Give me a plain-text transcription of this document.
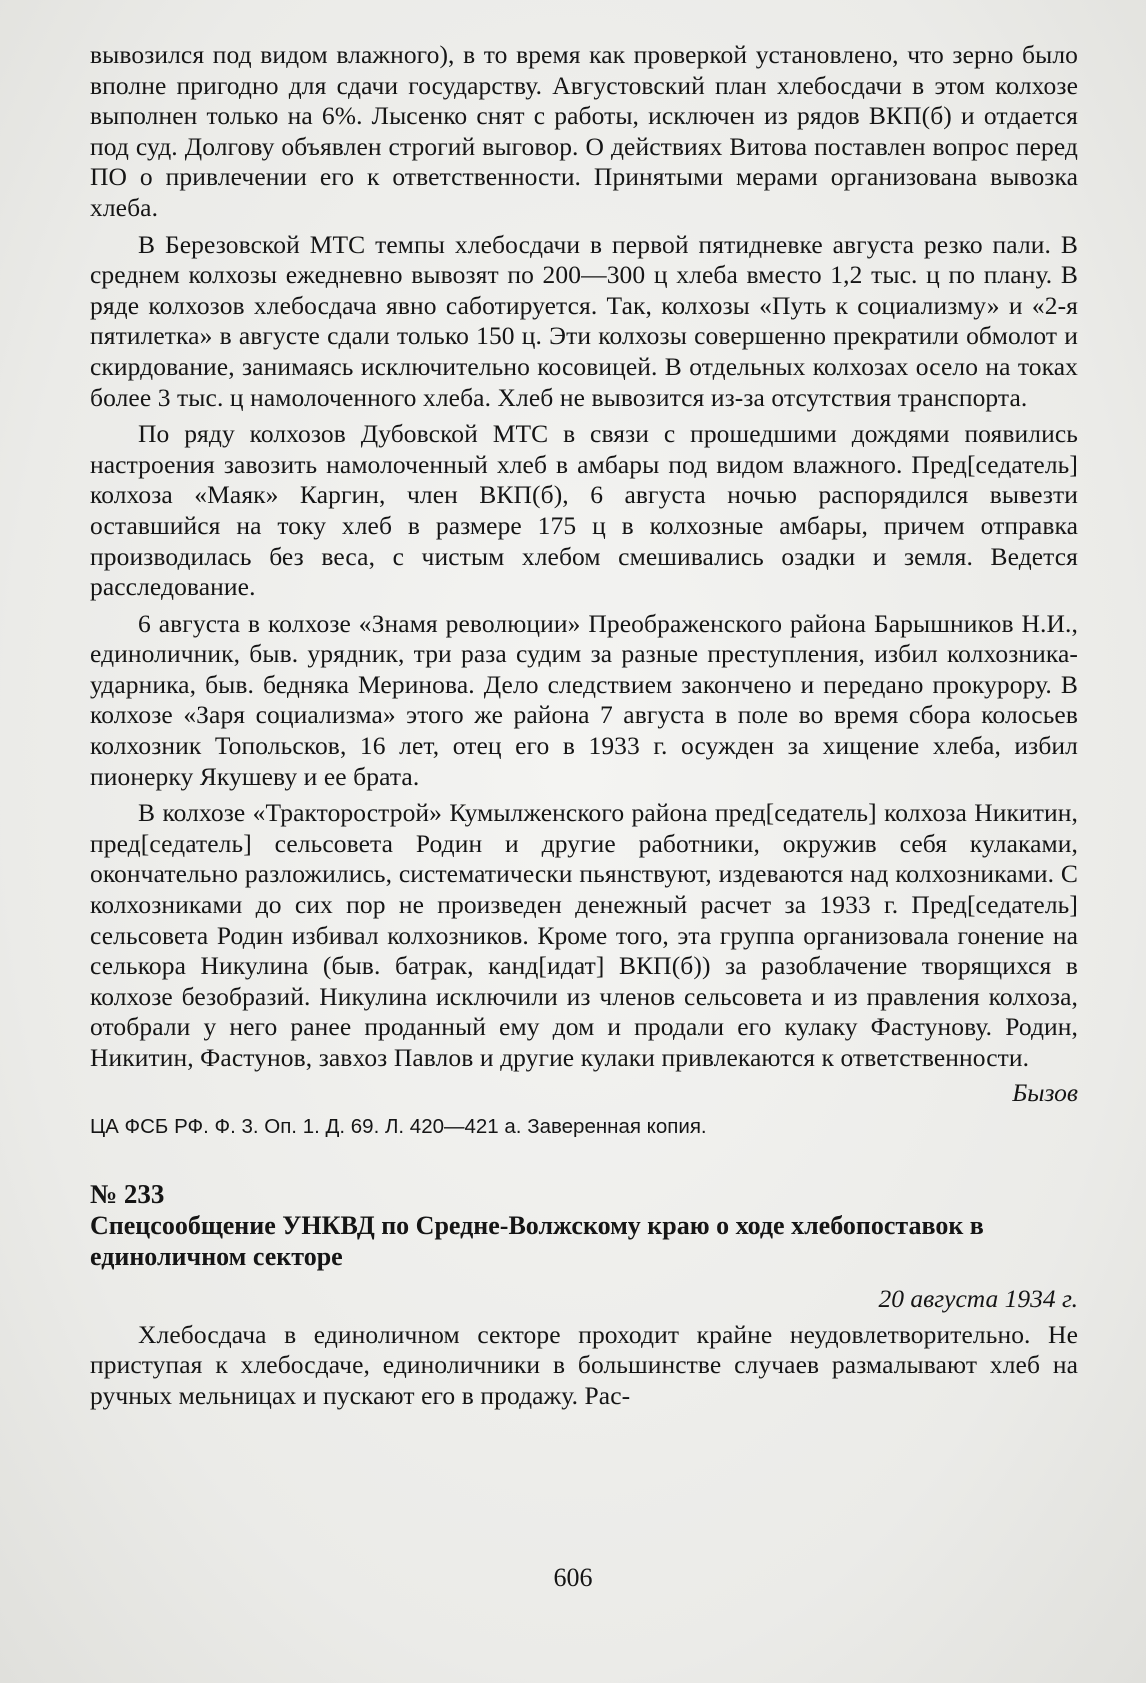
вывозился под видом влажного), в то время как проверкой установлено, что зерно было вполне пригодно для сдачи государству. Августовский план хлебосдачи в этом колхозе выполнен только на 6%. Лысенко снят с работы, исключен из рядов ВКП(б) и отдается под суд. Долгову объявлен строгий выговор. О действиях Витова поставлен вопрос перед ПО о привлечении его к ответственности. Принятыми мерами организована вывозка хлеба.

В Березовской МТС темпы хлебосдачи в первой пятидневке августа резко пали. В среднем колхозы ежедневно вывозят по 200—300 ц хлеба вместо 1,2 тыс. ц по плану. В ряде колхозов хлебосдача явно саботируется. Так, колхозы «Путь к социализму» и «2-я пятилетка» в августе сдали только 150 ц. Эти колхозы совершенно прекратили обмолот и скирдование, занимаясь исключительно косовицей. В отдельных колхозах осело на токах более 3 тыс. ц намолоченного хлеба. Хлеб не вывозится из-за отсутствия транспорта.

По ряду колхозов Дубовской МТС в связи с прошедшими дождями появились настроения завозить намолоченный хлеб в амбары под видом влажного. Пред[седатель] колхоза «Маяк» Каргин, член ВКП(б), 6 августа ночью распорядился вывезти оставшийся на току хлеб в размере 175 ц в колхозные амбары, причем отправка производилась без веса, с чистым хлебом смешивались озадки и земля. Ведется расследование.

6 августа в колхозе «Знамя революции» Преображенского района Барышников Н.И., единоличник, быв. урядник, три раза судим за разные преступления, избил колхозника-ударника, быв. бедняка Меринова. Дело следствием закончено и передано прокурору. В колхозе «Заря социализма» этого же района 7 августа в поле во время сбора колосьев колхозник Топольсков, 16 лет, отец его в 1933 г. осужден за хищение хлеба, избил пионерку Якушеву и ее брата.

В колхозе «Тракторострой» Кумылженского района пред[седатель] колхоза Никитин, пред[седатель] сельсовета Родин и другие работники, окружив себя кулаками, окончательно разложились, систематически пьянствуют, издеваются над колхозниками. С колхозниками до сих пор не произведен денежный расчет за 1933 г. Пред[седатель] сельсовета Родин избивал колхозников. Кроме того, эта группа организовала гонение на селькора Никулина (быв. батрак, канд[идат] ВКП(б)) за разоблачение творящихся в колхозе безобразий. Никулина исключили из членов сельсовета и из правления колхоза, отобрали у него ранее проданный ему дом и продали его кулаку Фастунову. Родин, Никитин, Фастунов, завхоз Павлов и другие кулаки привлекаются к ответственности.

Бызов

ЦА ФСБ РФ. Ф. 3. Оп. 1. Д. 69. Л. 420—421 а. Заверенная копия.

№ 233

Спецсообщение УНКВД по Средне-Волжскому краю о ходе хлебопоставок в единоличном секторе

20 августа 1934 г.

Хлебосдача в единоличном секторе проходит крайне неудовлетворительно. Не приступая к хлебосдаче, единоличники в большинстве случаев размалывают хлеб на ручных мельницах и пускают его в продажу. Рас-

606
